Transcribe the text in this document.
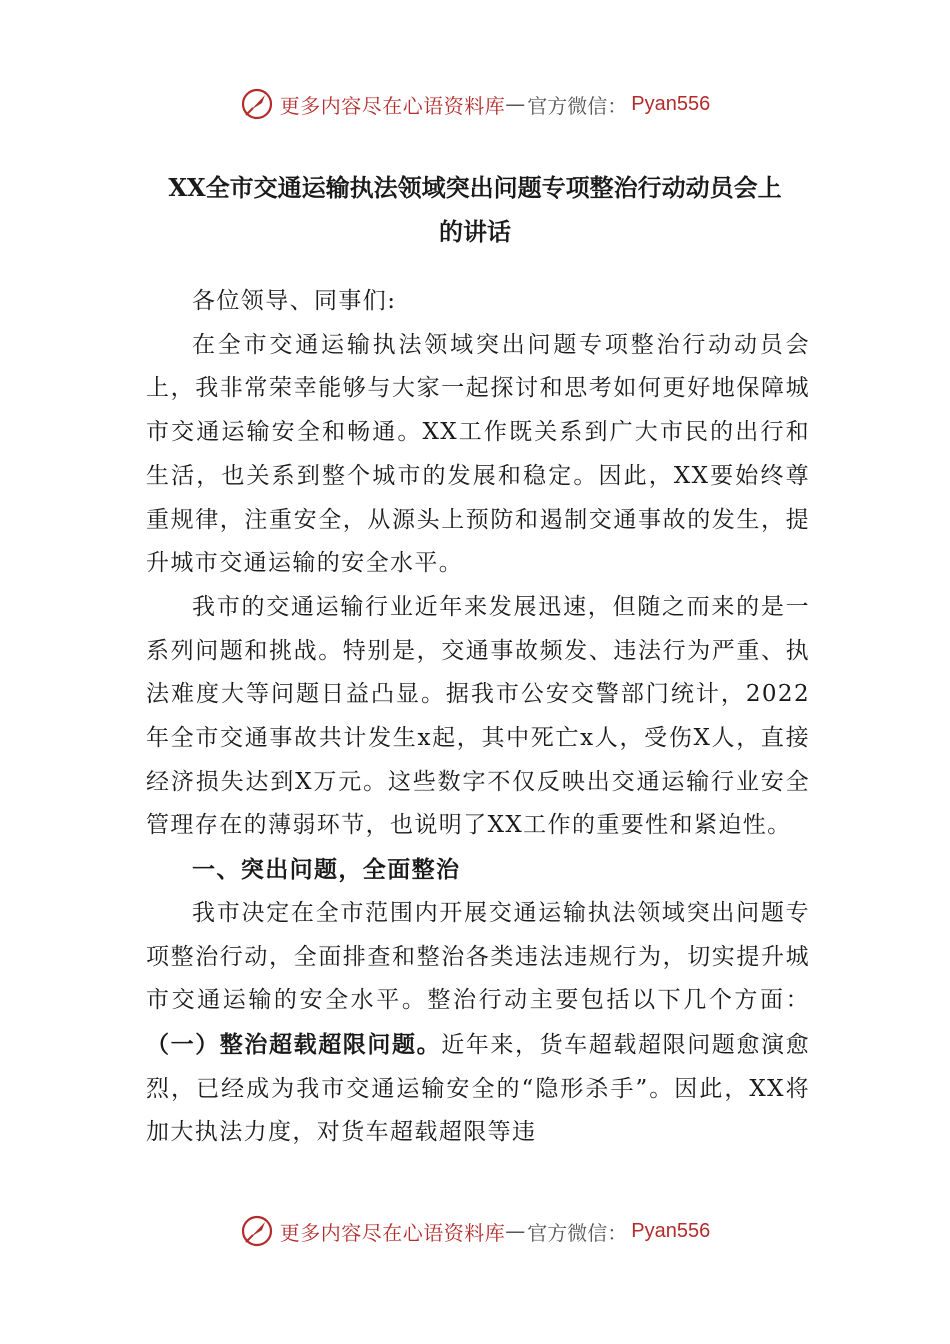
更多内容尽在心语资料库 — 官方微信： Pyan556
XX全市交通运输执法领域突出问题专项整治行动动员会上
的讲话

各位领导、同事们:

在全市交通运输执法领域突出问题专项整治行动动员会上，我非常荣幸能够与大家一起探讨和思考如何更好地保障城市交通运输安全和畅通。XX工作既关系到广大市民的出行和生活，也关系到整个城市的发展和稳定。因此，XX要始终尊重规律，注重安全，从源头上预防和遏制交通事故的发生，提升城市交通运输的安全水平。

我市的交通运输行业近年来发展迅速，但随之而来的是一系列问题和挑战。特别是，交通事故频发、违法行为严重、执法难度大等问题日益凸显。据我市公安交警部门统计，2022年全市交通事故共计发生x起，其中死亡x人，受伤X人，直接经济损失达到X万元。这些数字不仅反映出交通运输行业安全管理存在的薄弱环节，也说明了XX工作的重要性和紧迫性。

一、突出问题，全面整治

我市决定在全市范围内开展交通运输执法领域突出问题专项整治行动，全面排查和整治各类违法违规行为，切实提升城市交通运输的安全水平。整治行动主要包括以下几个方面：（一）整治超载超限问题。近年来，货车超载超限问题愈演愈烈，已经成为我市交通运输安全的“隐形杀手”。因此，XX将加大执法力度，对货车超载超限等违

更多内容尽在心语资料库 — 官方微信： Pyan556
